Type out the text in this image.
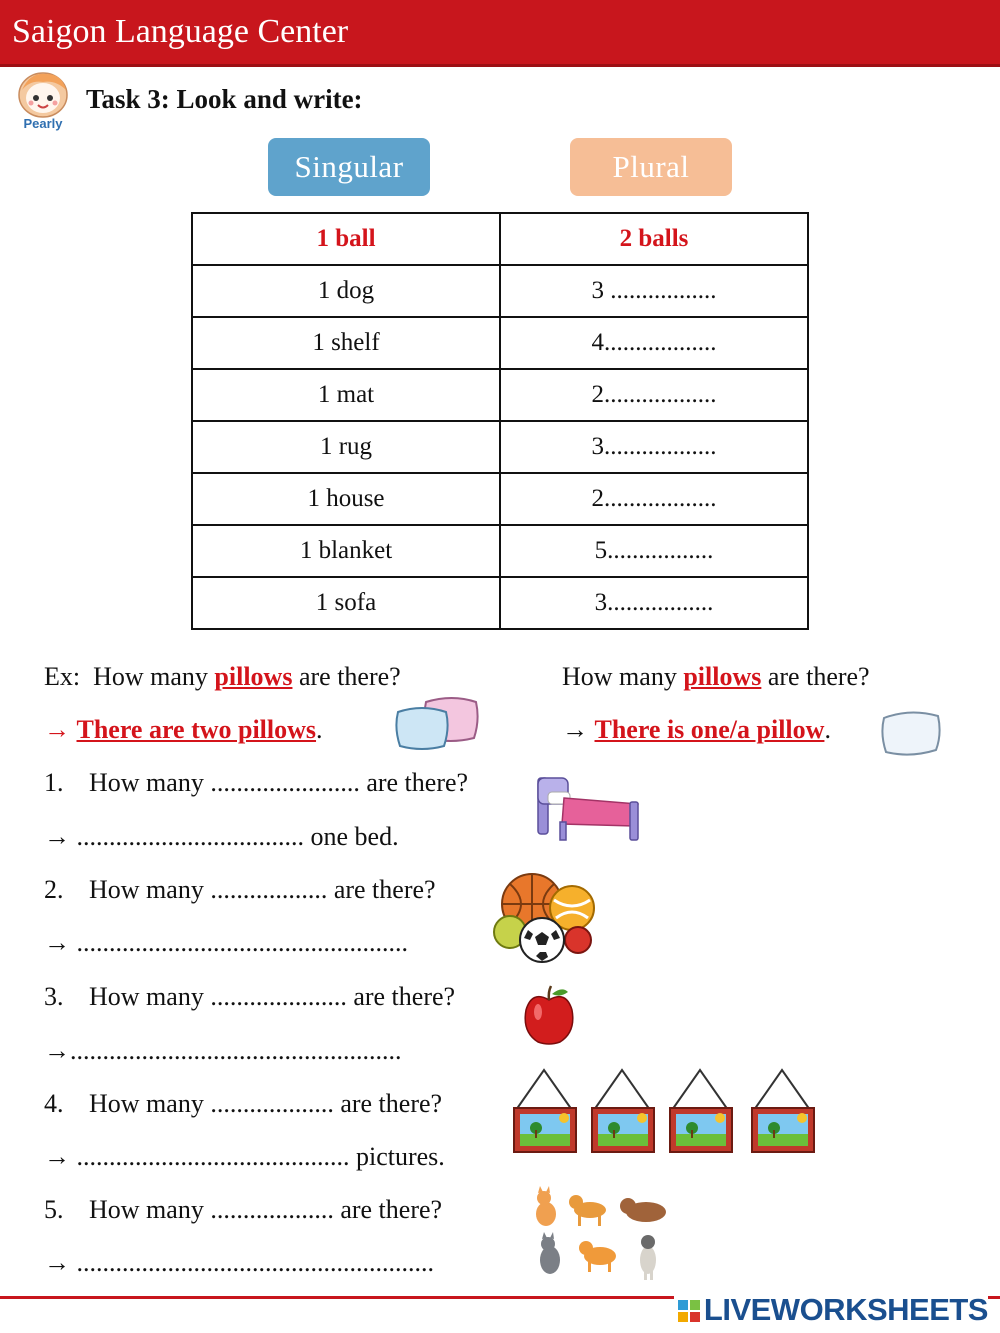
Saigon Language Center
Pearly
Task 3: Look and write:
Singular	Plural
1 ball	2 balls
1 dog	3 .................
1 shelf	4..................
1 mat	2..................
1 rug	3..................
1 house	2..................
1 blanket	5.................
1 sofa	3.................
Ex:  How many pillows are there?
→ There are two pillows.
How many pillows are there?
→ There is one/a pillow.
1. How many ....................... are there?
→ ................................... one bed.
2. How many .................. are there?
→ ...................................................
3. How many ..................... are there?
→...................................................
4. How many ................... are there?
→ .......................................... pictures.
5. How many ................... are there?
→ .......................................................
LIVEWORKSHEETS
